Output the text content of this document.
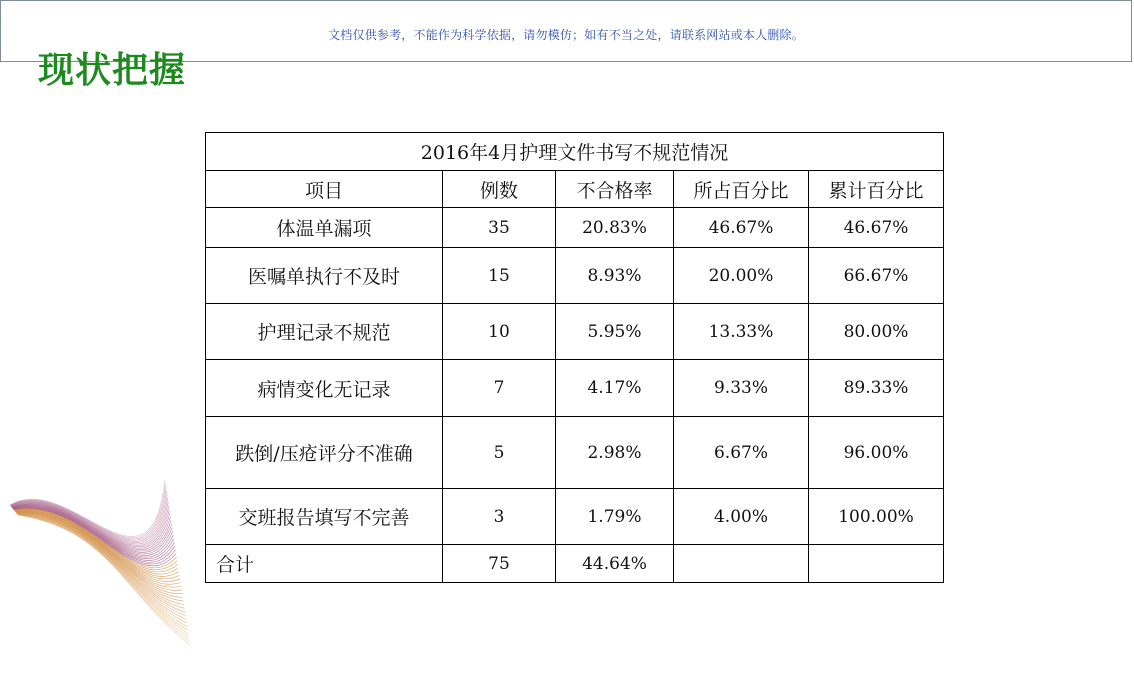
文档仅供参考，不能作为科学依据，请勿模仿；如有不当之处，请联系网站或本人删除。
现状把握
2016年4月护理文件书写不规范情况				
项目	例数	不合格率	所占百分比	累计百分比
体温单漏项	35	20.83%	46.67%	46.67%
医嘱单执行不及时	15	8.93%	20.00%	66.67%
护理记录不规范	10	5.95%	13.33%	80.00%
病情变化无记录	7	4.17%	9.33%	89.33%
跌倒/压疮评分不准确	5	2.98%	6.67%	96.00%
交班报告填写不完善	3	1.79%	4.00%	100.00%
合计	75	44.64%		
